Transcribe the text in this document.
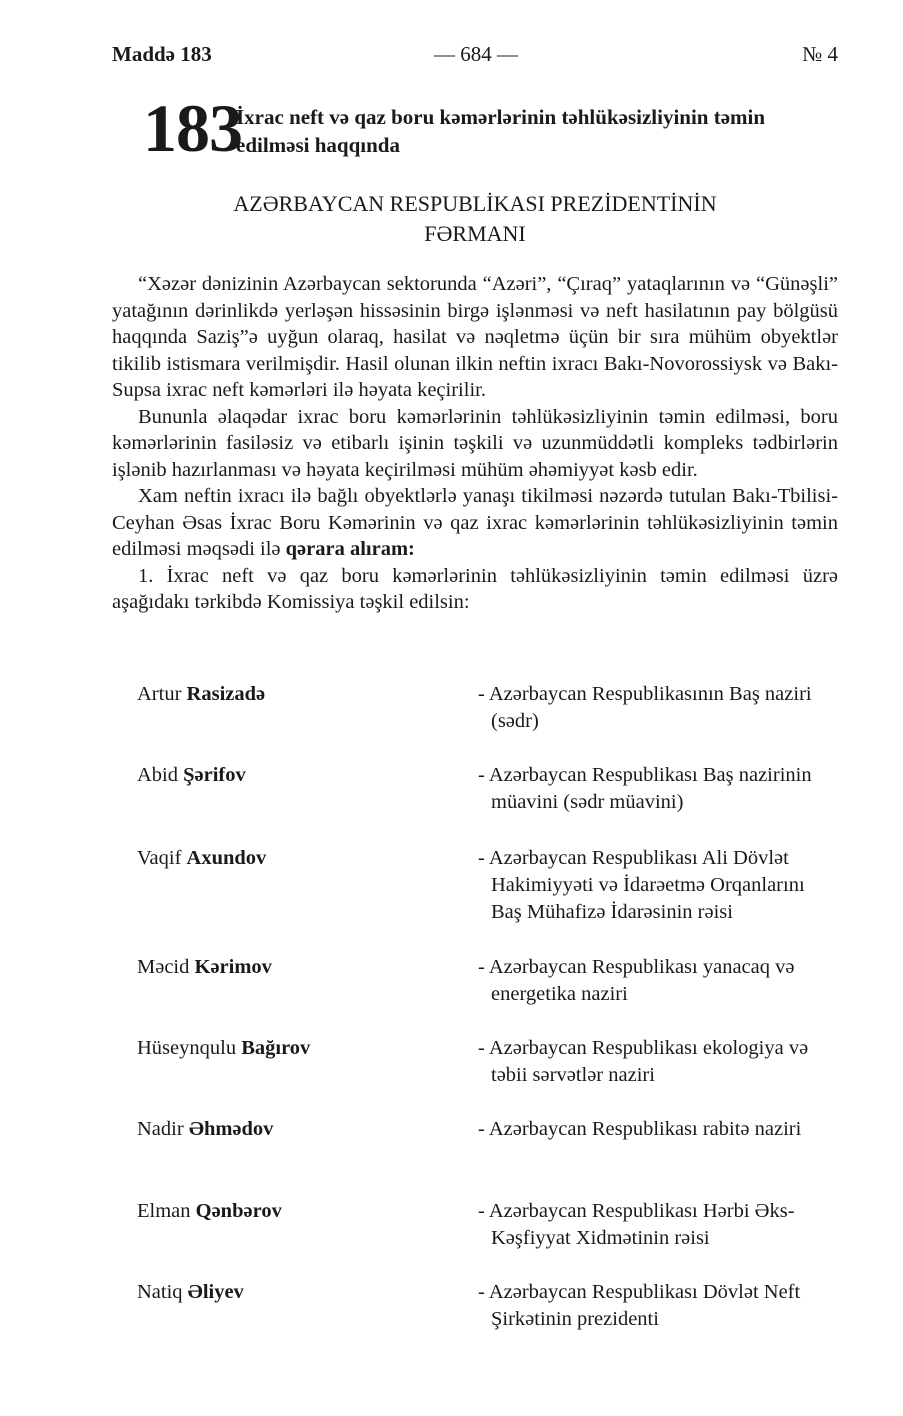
Maddə 183	— 684 —	№ 4
183
İxrac neft və qaz boru kəmərlərinin təhlükəsizliyinin təmin edilməsi haqqında
AZƏRBAYCAN RESPUBLİKASI PREZİDENTİNİN
FƏRMANI

“Xəzər dənizinin Azərbaycan sektorunda “Azəri”, “Çıraq” yataqlarının və “Günəşli” yatağının dərinlikdə yerləşən hissəsinin birgə işlənməsi və neft hasilatının pay bölgüsü haqqında Saziş”ə uyğun olaraq, hasilat və nəqletmə üçün bir sıra mühüm obyektlər tikilib istismara verilmişdir. Hasil olunan ilkin neftin ixracı Bakı-Novorossiysk və Bakı-Supsa ixrac neft kəmərləri ilə həyata keçirilir.

Bununla əlaqədar ixrac boru kəmərlərinin təhlükəsizliyinin təmin edilməsi, boru kəmərlərinin fasiləsiz və etibarlı işinin təşkili və uzunmüddətli kompleks tədbirlərin işlənib hazırlanması və həyata keçirilməsi mühüm əhəmiyyət kəsb edir.

Xam neftin ixracı ilə bağlı obyektlərlə yanaşı tikilməsi nəzərdə tutulan Bakı-Tbilisi-Ceyhan Əsas İxrac Boru Kəmərinin və qaz ixrac kəmərlərinin təhlükəsizliyinin təmin edilməsi məqsədi ilə qərara alıram:

1. İxrac neft və qaz boru kəmərlərinin təhlükəsizliyinin təmin edilməsi üzrə aşağıdakı tərkibdə Komissiya təşkil edilsin:

Artur Rasizadə	- Azərbaycan Respublikasının Baş naziri (sədr)
Abid Şərifov	- Azərbaycan Respublikası Baş nazirinin müavini (sədr müavini)
Vaqif Axundov	- Azərbaycan Respublikası Ali Dövlət Hakimiyyəti və İdarəetmə Orqanlarını Baş Mühafizə İdarəsinin rəisi
Məcid Kərimov	- Azərbaycan Respublikası yanacaq və energetika naziri
Hüseynqulu Bağırov	- Azərbaycan Respublikası ekologiya və təbii sərvətlər naziri
Nadir Əhmədov	- Azərbaycan Respublikası rabitə naziri
Elman Qənbərov	- Azərbaycan Respublikası Hərbi Əks-Kəşfiyyat Xidmətinin rəisi
Natiq Əliyev	- Azərbaycan Respublikası Dövlət Neft Şirkətinin prezidenti
